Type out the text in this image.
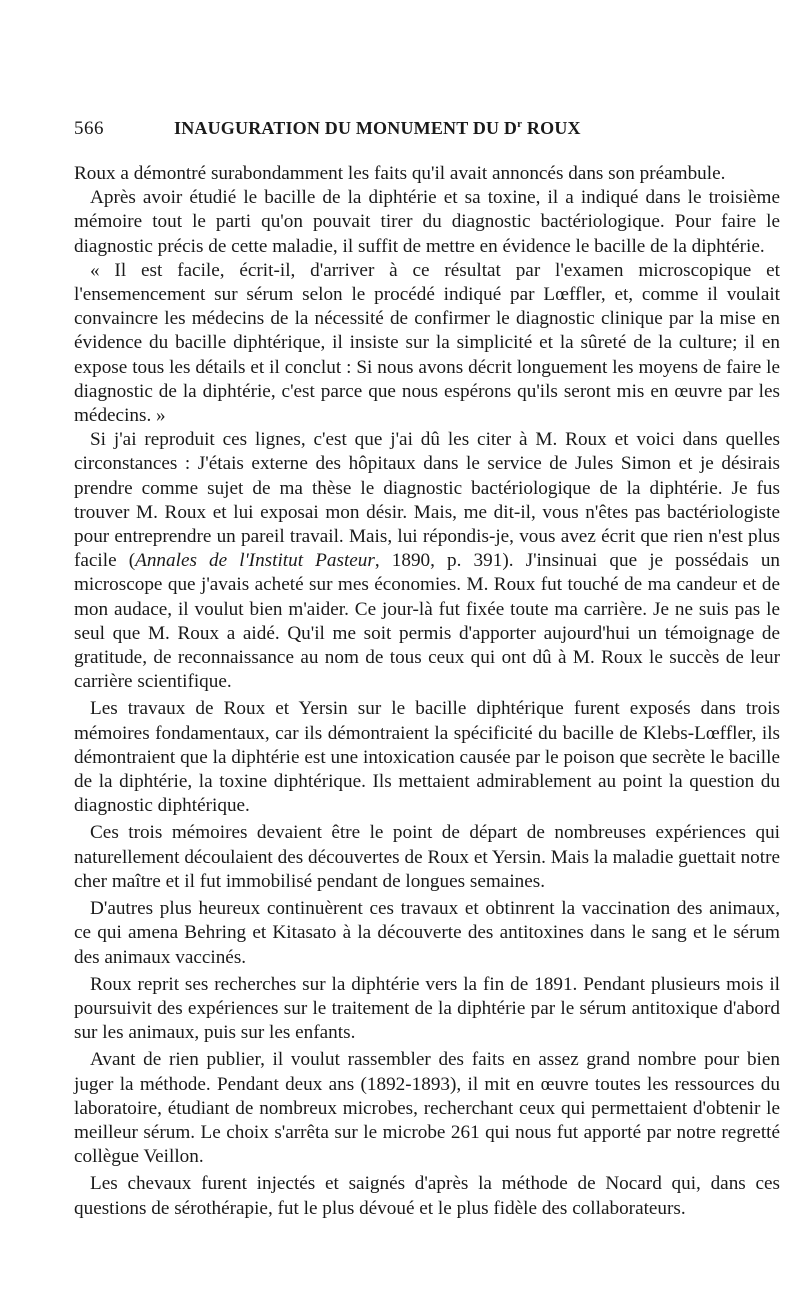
566	INAUGURATION DU MONUMENT DU $D^r$ ROUX

Roux a démontré surabondamment les faits qu'il avait annoncés dans son préambule.

Après avoir étudié le bacille de la diphtérie et sa toxine, il a indiqué dans le troisième mémoire tout le parti qu'on pouvait tirer du diagnostic bactériologique. Pour faire le diagnostic précis de cette maladie, il suffit de mettre en évidence le bacille de la diphtérie.

« Il est facile, écrit-il, d'arriver à ce résultat par l'examen microscopique et l'ensemencement sur sérum selon le procédé indiqué par Lœffler, et, comme il voulait convaincre les médecins de la nécessité de confirmer le diagnostic clinique par la mise en évidence du bacille diphtérique, il insiste sur la simplicité et la sûreté de la culture; il en expose tous les détails et il conclut : Si nous avons décrit longuement les moyens de faire le diagnostic de la diphtérie, c'est parce que nous espérons qu'ils seront mis en œuvre par les médecins. »

Si j'ai reproduit ces lignes, c'est que j'ai dû les citer à M. Roux et voici dans quelles circonstances : J'étais externe des hôpitaux dans le service de Jules Simon et je désirais prendre comme sujet de ma thèse le diagnostic bactériologique de la diphtérie. Je fus trouver M. Roux et lui exposai mon désir. Mais, me dit-il, vous n'êtes pas bactériologiste pour entreprendre un pareil travail. Mais, lui répondis-je, vous avez écrit que rien n'est plus facile (Annales de l'Institut Pasteur, 1890, p. 391). J'insinuai que je possédais un microscope que j'avais acheté sur mes économies. M. Roux fut touché de ma candeur et de mon audace, il voulut bien m'aider. Ce jour-là fut fixée toute ma carrière. Je ne suis pas le seul que M. Roux a aidé. Qu'il me soit permis d'apporter aujourd'hui un témoignage de gratitude, de reconnaissance au nom de tous ceux qui ont dû à M. Roux le succès de leur carrière scientifique.

Les travaux de Roux et Yersin sur le bacille diphtérique furent exposés dans trois mémoires fondamentaux, car ils démontraient la spécificité du bacille de Klebs-Lœffler, ils démontraient que la diphtérie est une intoxication causée par le poison que secrète le bacille de la diphtérie, la toxine diphtérique. Ils mettaient admirablement au point la question du diagnostic diphtérique.

Ces trois mémoires devaient être le point de départ de nombreuses expériences qui naturellement découlaient des découvertes de Roux et Yersin. Mais la maladie guettait notre cher maître et il fut immobilisé pendant de longues semaines.

D'autres plus heureux continuèrent ces travaux et obtinrent la vaccination des animaux, ce qui amena Behring et Kitasato à la découverte des antitoxines dans le sang et le sérum des animaux vaccinés.

Roux reprit ses recherches sur la diphtérie vers la fin de 1891. Pendant plusieurs mois il poursuivit des expériences sur le traitement de la diphtérie par le sérum antitoxique d'abord sur les animaux, puis sur les enfants.

Avant de rien publier, il voulut rassembler des faits en assez grand nombre pour bien juger la méthode. Pendant deux ans (1892-1893), il mit en œuvre toutes les ressources du laboratoire, étudiant de nombreux microbes, recherchant ceux qui permettaient d'obtenir le meilleur sérum. Le choix s'arrêta sur le microbe 261 qui nous fut apporté par notre regretté collègue Veillon.

Les chevaux furent injectés et saignés d'après la méthode de Nocard qui, dans ces questions de sérothérapie, fut le plus dévoué et le plus fidèle des collaborateurs.
